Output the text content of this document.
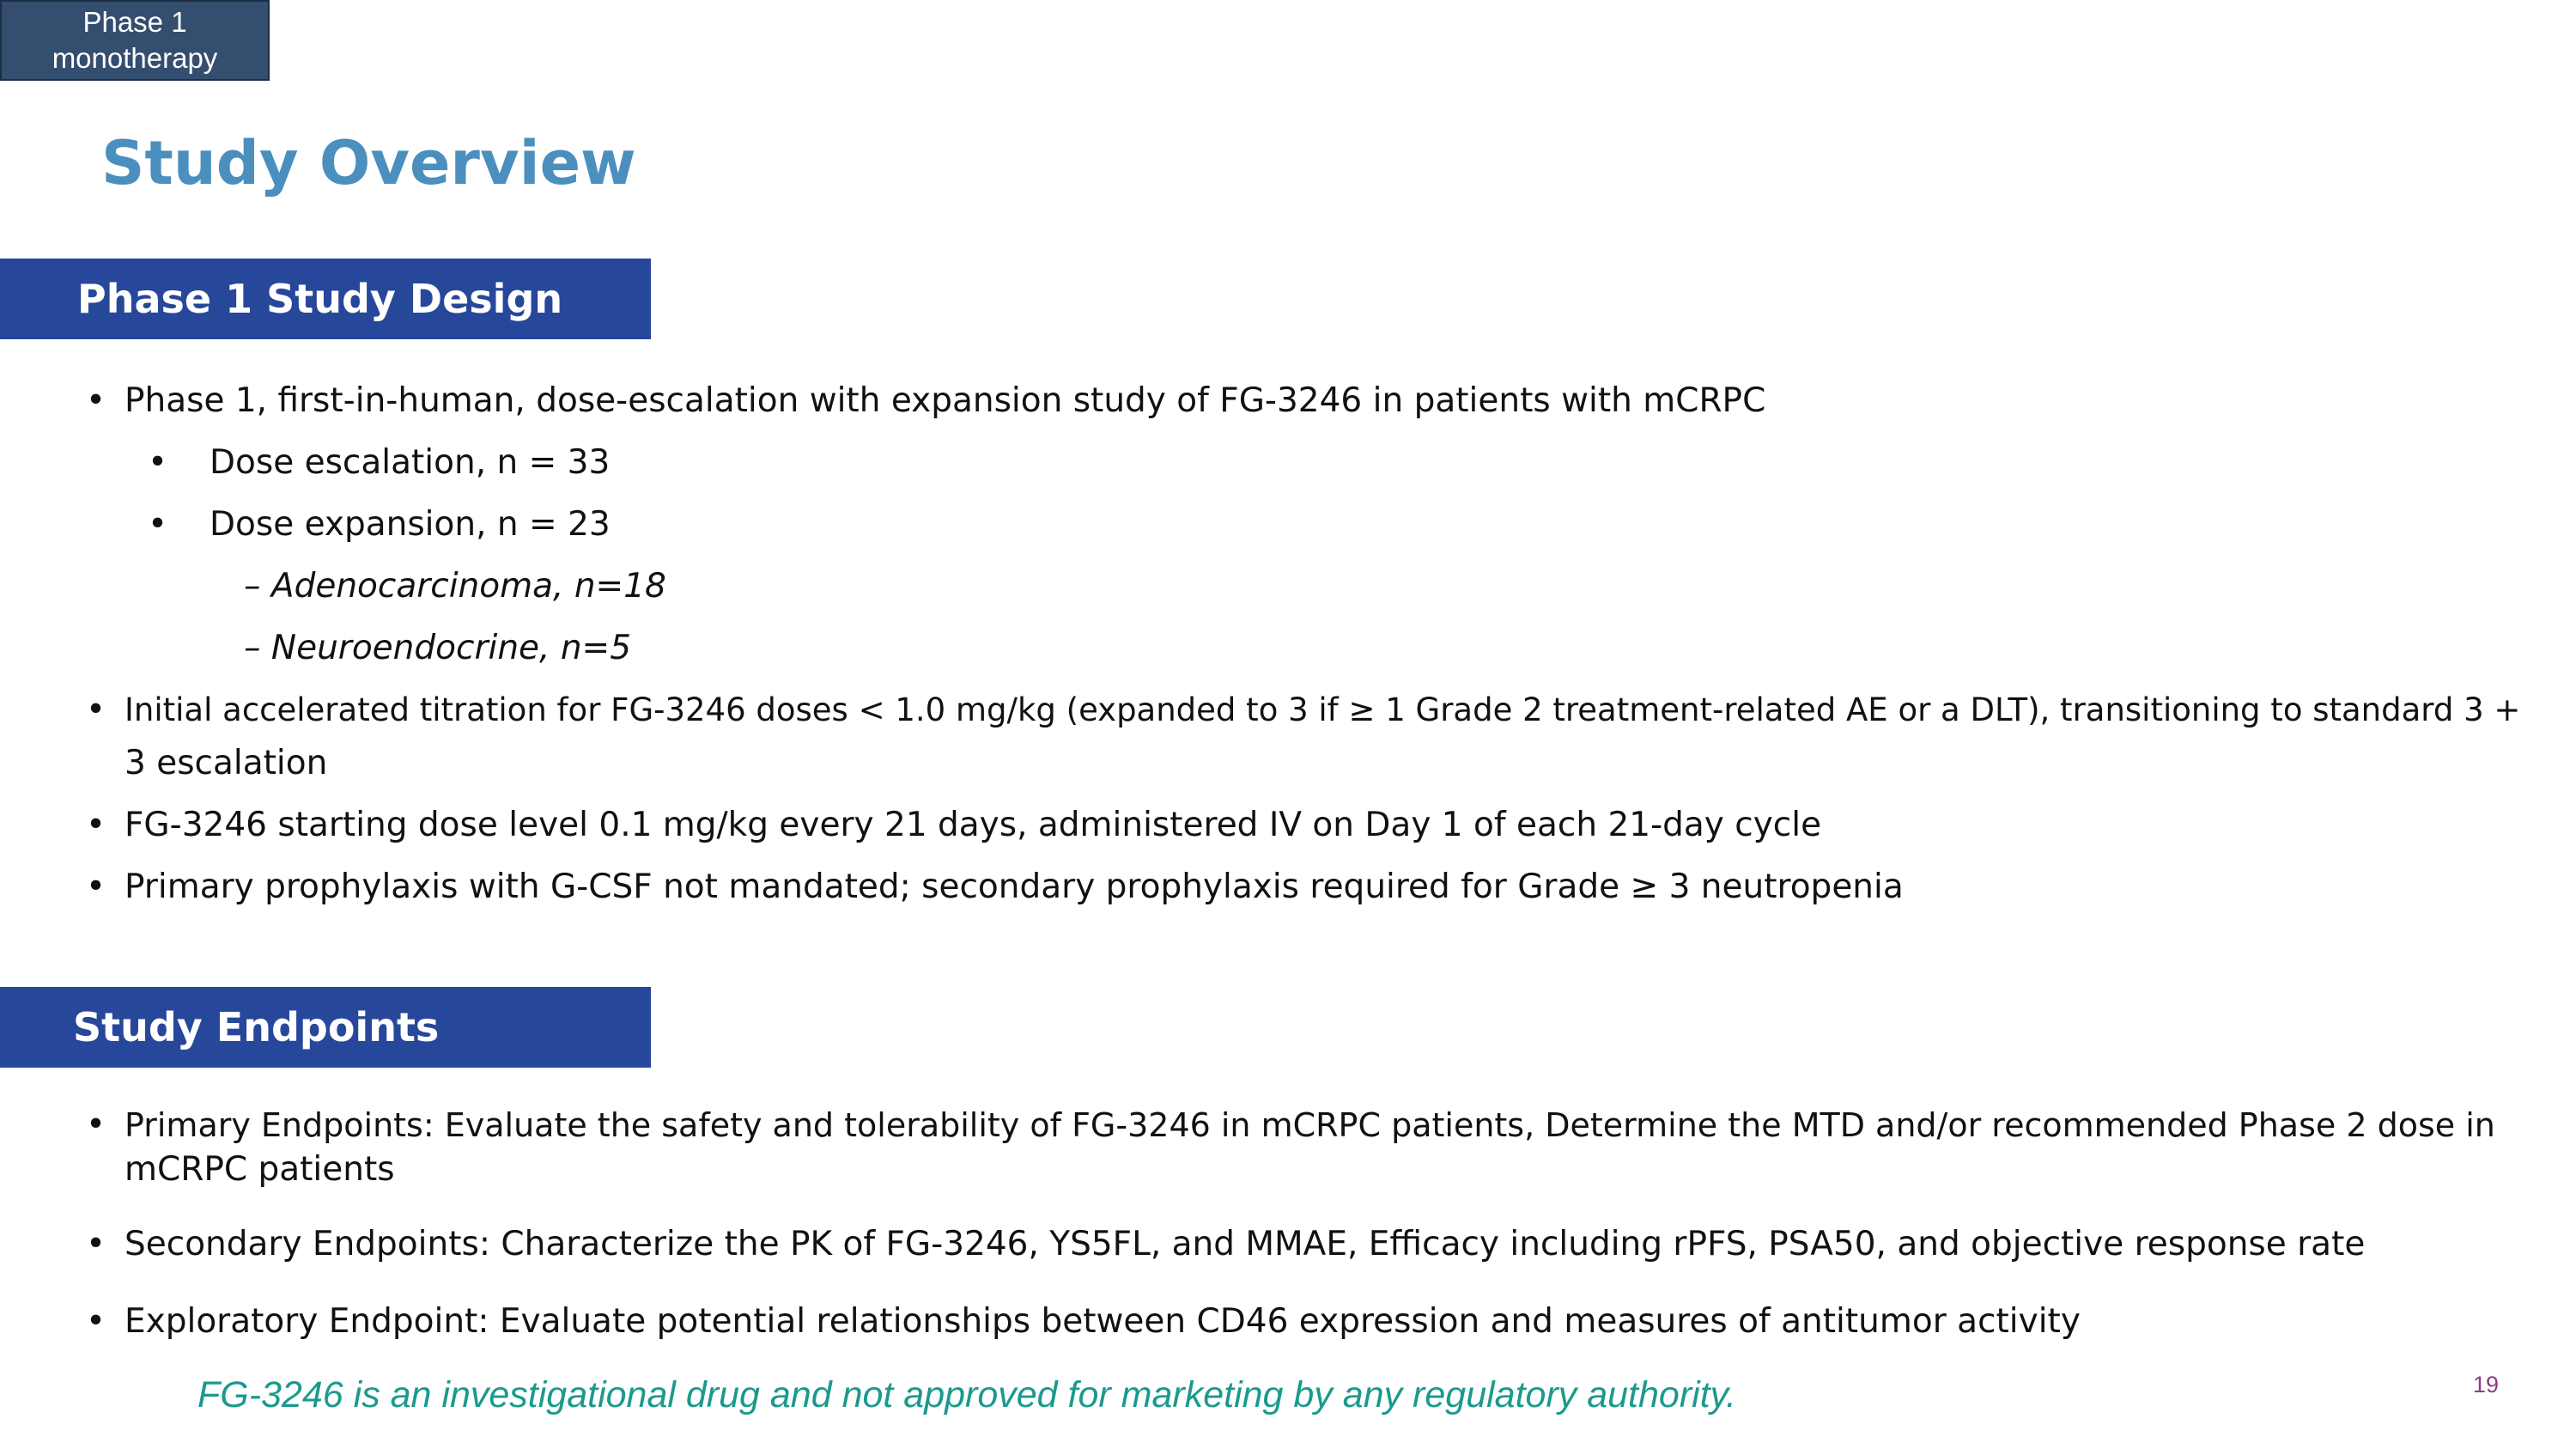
Phase 1
monotherapy
Study Overview
Phase 1 Study Design
• Phase 1, first-in-human, dose-escalation with expansion study of FG-3246 in patients with mCRPC

• Dose escalation, n = 33

• Dose expansion, n = 23

– Adenocarcinoma, n=18

– Neuroendocrine, n=5

• Initial accelerated titration for FG-3246 doses < 1.0 mg/kg (expanded to 3 if ≥ 1 Grade 2 treatment-related AE or a DLT), transitioning to standard 3 +

3 escalation

• FG-3246 starting dose level 0.1 mg/kg every 21 days, administered IV on Day 1 of each 21-day cycle

• Primary prophylaxis with G-CSF not mandated; secondary prophylaxis required for Grade ≥ 3 neutropenia

Study Endpoints
• Primary Endpoints: Evaluate the safety and tolerability of FG-3246 in mCRPC patients, Determine the MTD and/or recommended Phase 2 dose in

mCRPC patients

• Secondary Endpoints: Characterize the PK of FG-3246, YS5FL, and MMAE, Efficacy including rPFS, PSA50, and objective response rate

• Exploratory Endpoint: Evaluate potential relationships between CD46 expression and measures of antitumor activity

FG-3246 is an investigational drug and not approved for marketing by any regulatory authority.	19
